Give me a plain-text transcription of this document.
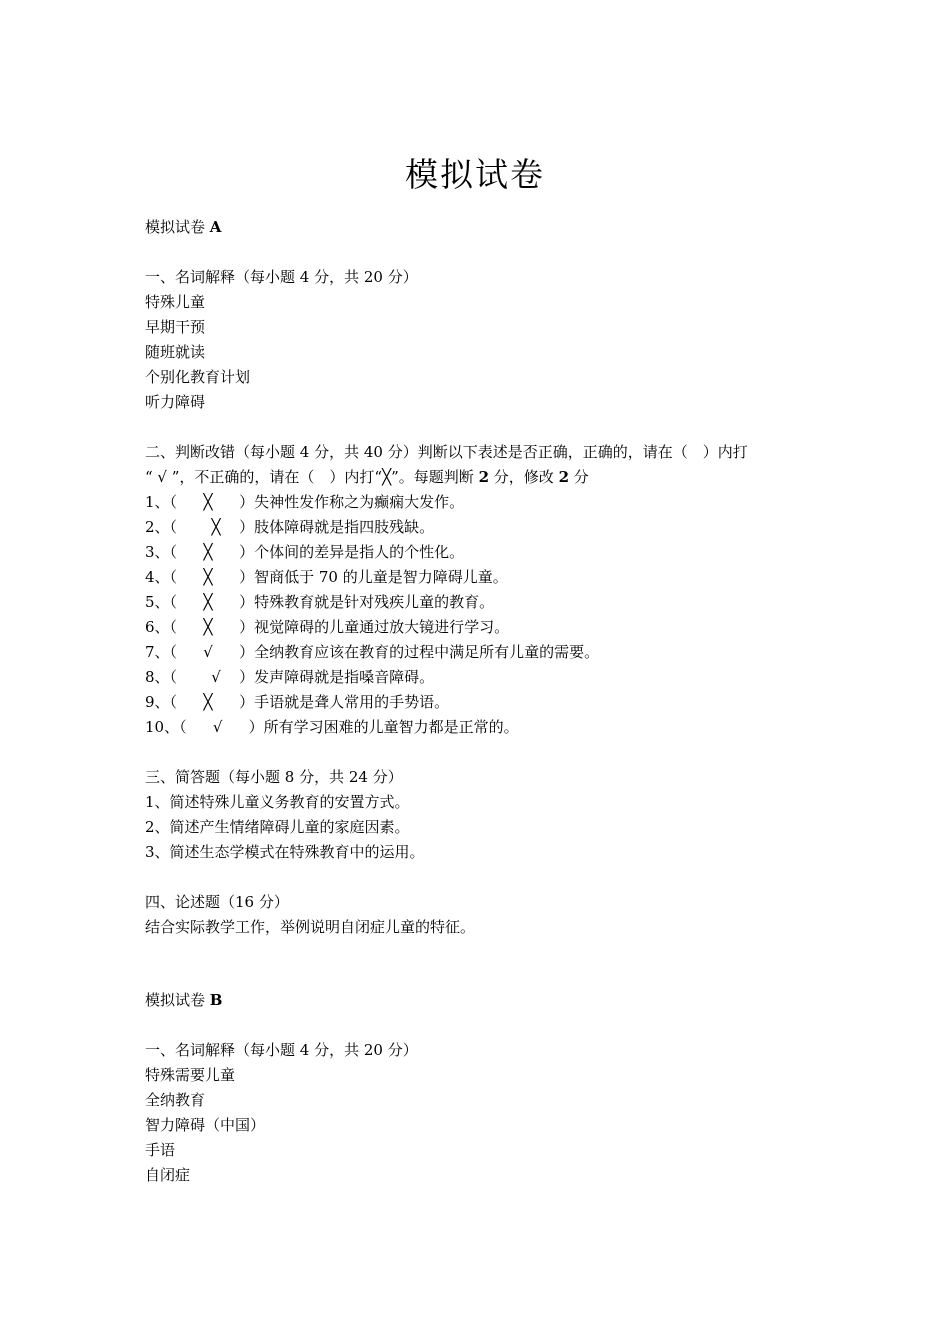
模拟试卷
模拟试卷 A
一、名词解释（每小题 4 分，共 20 分）
特殊儿童
早期干预
随班就读
个别化教育计划
听力障碍
二、判断改错（每小题 4 分，共 40 分）判断以下表述是否正确，正确的，请在（　）内打
“ √ ”，不正确的，请在（　）内打“╳”。每题判断 2 分，修改 2 分
1、（ ╳ ）失神性发作称之为癫痫大发作。
2、（ ╳ ）肢体障碍就是指四肢残缺。
3、（ ╳ ）个体间的差异是指人的个性化。
4、（ ╳ ）智商低于 70 的儿童是智力障碍儿童。
5、（ ╳ ）特殊教育就是针对残疾儿童的教育。
6、（ ╳ ）视觉障碍的儿童通过放大镜进行学习。
7、（ √ ）全纳教育应该在教育的过程中满足所有儿童的需要。
8、（ √ ）发声障碍就是指嗓音障碍。
9、（ ╳ ）手语就是聋人常用的手势语。
10、（ √ ）所有学习困难的儿童智力都是正常的。
三、简答题（每小题 8 分，共 24 分）
1、简述特殊儿童义务教育的安置方式。
2、简述产生情绪障碍儿童的家庭因素。
3、简述生态学模式在特殊教育中的运用。
四、论述题（16 分）
结合实际教学工作，举例说明自闭症儿童的特征。
模拟试卷 B
一、名词解释（每小题 4 分，共 20 分）
特殊需要儿童
全纳教育
智力障碍（中国）
手语
自闭症
